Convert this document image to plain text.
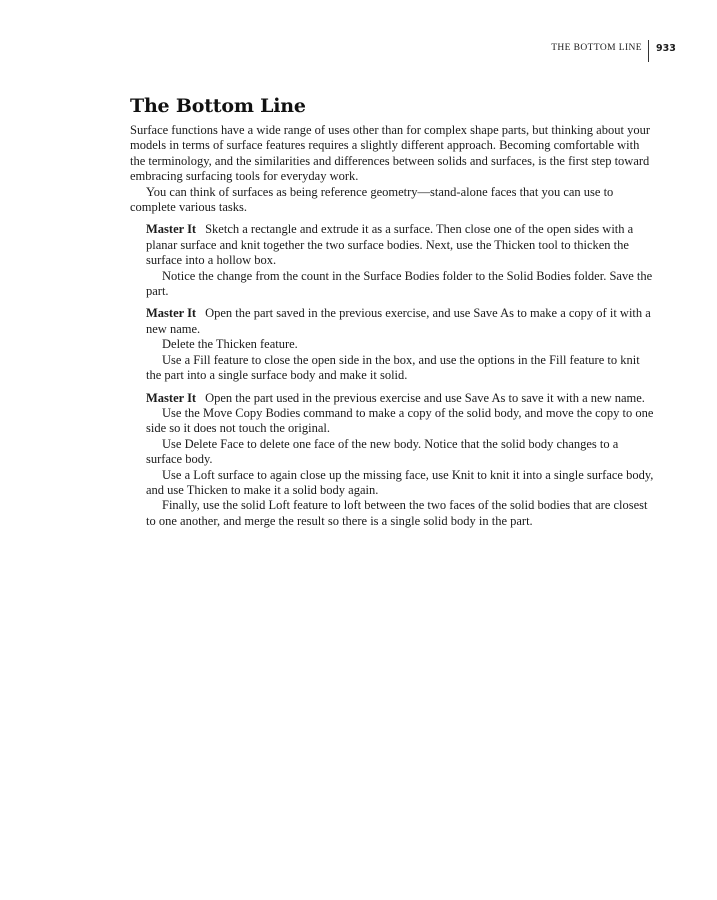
THE BOTTOM LINE	933
The Bottom Line

Surface functions have a wide range of uses other than for complex shape parts, but thinking about your models in terms of surface features requires a slightly different approach. Becoming comfortable with the terminology, and the similarities and differences between solids and surfaces, is the first step toward embracing surfacing tools for everyday work.

You can think of surfaces as being reference geometry—stand-alone faces that you can use to complete various tasks.

Master It Sketch a rectangle and extrude it as a surface. Then close one of the open sides with a planar surface and knit together the two surface bodies. Next, use the Thicken tool to thicken the surface into a hollow box.

Notice the change from the count in the Surface Bodies folder to the Solid Bodies folder. Save the part.

Master It Open the part saved in the previous exercise, and use Save As to make a copy of it with a new name.

Delete the Thicken feature.

Use a Fill feature to close the open side in the box, and use the options in the Fill feature to knit the part into a single surface body and make it solid.

Master It Open the part used in the previous exercise and use Save As to save it with a new name.

Use the Move Copy Bodies command to make a copy of the solid body, and move the copy to one side so it does not touch the original.

Use Delete Face to delete one face of the new body. Notice that the solid body changes to a surface body.

Use a Loft surface to again close up the missing face, use Knit to knit it into a single surface body, and use Thicken to make it a solid body again.

Finally, use the solid Loft feature to loft between the two faces of the solid bodies that are closest to one another, and merge the result so there is a single solid body in the part.
